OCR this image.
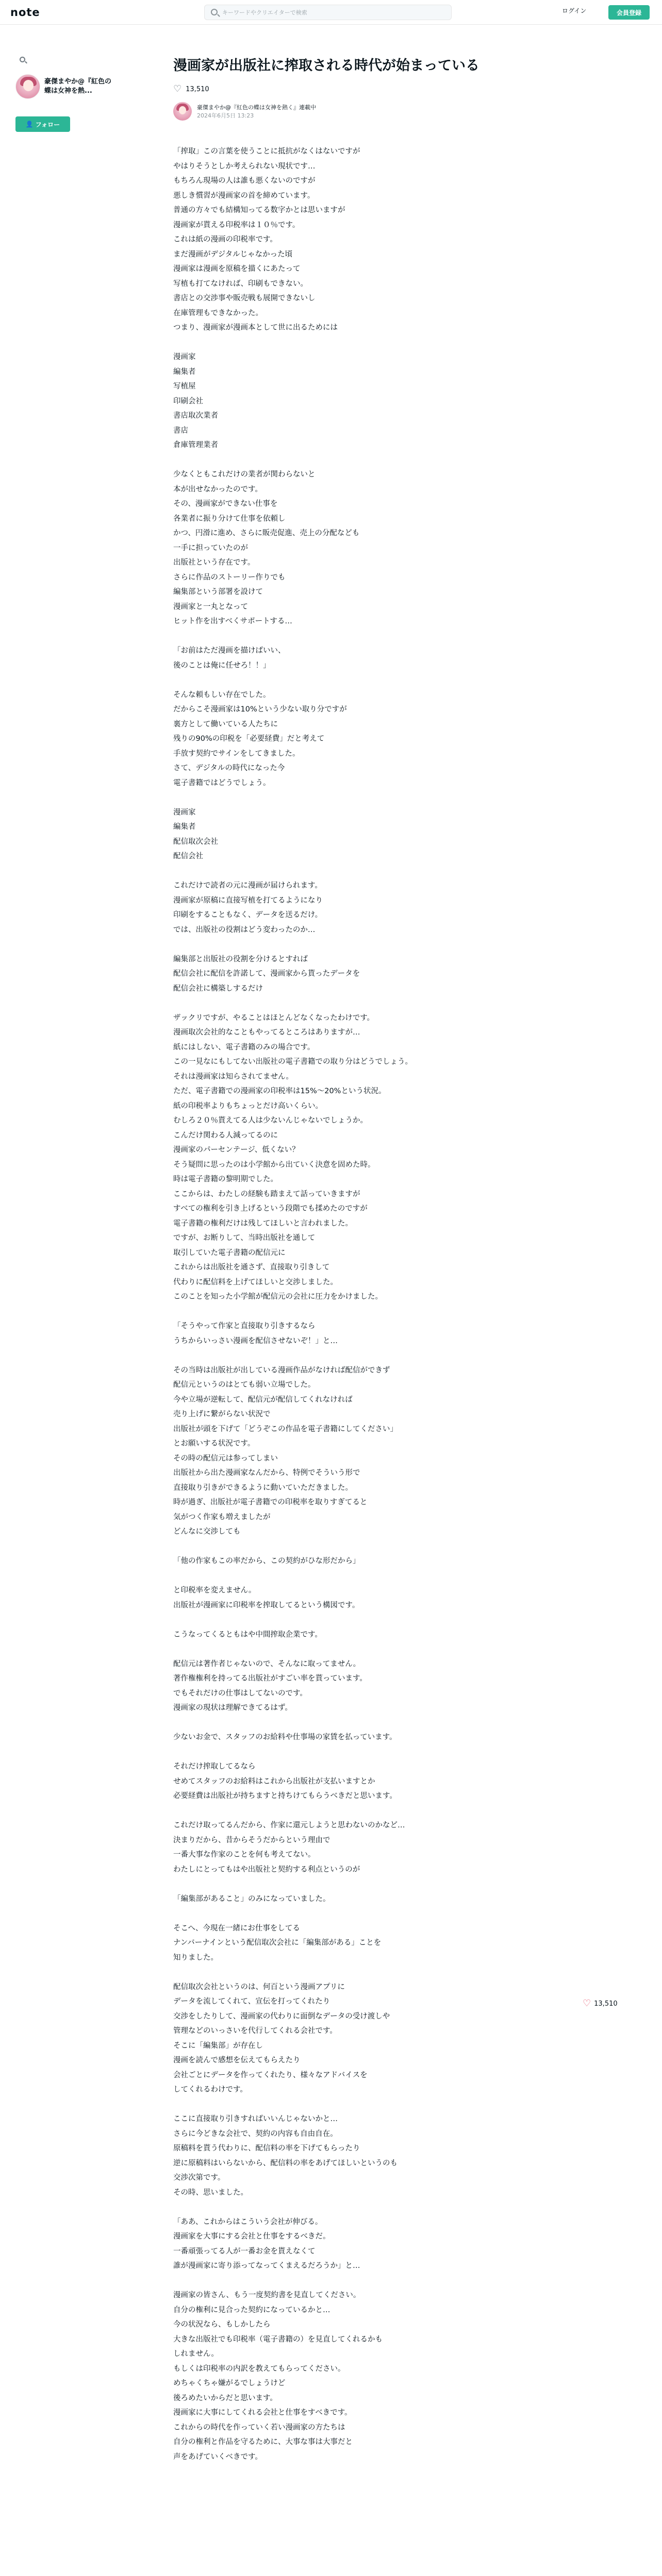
note
キーワードやクリエイターで検索	ログイン	会員登録
豪傑まやか@『紅色の蝶は女神を熱...
👤 フォロー
漫画家が出版社に搾取される時代が始まっている
♡ 13,510
豪傑まやか@『紅色の蝶は女神を熱く』連載中
2024年6月5日 13:23

「搾取」この言葉を使うことに抵抗がなくはないですが
やはりそうとしか考えられない現状です…
もちろん現場の人は誰も悪くないのですが
悪しき慣習が漫画家の首を締めています。
普通の方々でも結構知ってる数字かとは思いますが
漫画家が貰える印税率は１０％です。
これは紙の漫画の印税率です。
まだ漫画がデジタルじゃなかった頃
漫画家は漫画を原稿を描くにあたって
写植も打てなければ、印刷もできない。
書店との交渉事や販売戦も展開できないし
在庫管理もできなかった。
つまり、漫画家が漫画本として世に出るためには

漫画家
編集者
写植屋
印刷会社
書店取次業者
書店
倉庫管理業者

少なくともこれだけの業者が関わらないと
本が出せなかったのです。
その、漫画家ができない仕事を
各業者に振り分けて仕事を依頼し
かつ、円滑に進め、さらに販売促進、売上の分配なども
一手に担っていたのが
出版社という存在です。
さらに作品のストーリー作りでも
編集部という部署を設けて
漫画家と一丸となって
ヒット作を出すべくサポートする…

「お前はただ漫画を描けばいい、
後のことは俺に任せろ！！」

そんな頼もしい存在でした。
だからこそ漫画家は10%という少ない取り分ですが
裏方として働いている人たちに
残りの90%の印税を「必要経費」だと考えて
手放す契約でサインをしてきました。
さて、デジタルの時代になった今
電子書籍ではどうでしょう。

漫画家
編集者
配信取次会社
配信会社

これだけで読者の元に漫画が届けられます。
漫画家が原稿に直接写植を打てるようになり
印刷をすることもなく、データを送るだけ。
では、出版社の役割はどう変わったのか…

編集部と出版社の役割を分けるとすれば
配信会社に配信を許諾して、漫画家から貰ったデータを
配信会社に構築しするだけ

ザックリですが、やることはほとんどなくなったわけです。
漫画取次会社的なこともやってるところはありますが…
紙にはしない、電子書籍のみの場合です。
この一見なにもしてない出版社の電子書籍での取り分はどうでしょう。
それは漫画家は知らされてません。
ただ、電子書籍での漫画家の印税率は15%〜20%という状況。
紙の印税率よりもちょっとだけ高いくらい。
むしろ２０％貰えてる人は少ないんじゃないでしょうか。
こんだけ関わる人減ってるのに
漫画家のパーセンテージ、低くない？
そう疑問に思ったのは小学館から出ていく決意を固めた時。
時は電子書籍の黎明期でした。
ここからは、わたしの経験も踏まえて話っていきますが
すべての権利を引き上げるという段階でも揉めたのですが
電子書籍の権利だけは残してほしいと言われました。
ですが、お断りして、当時出版社を通して
取引していた電子書籍の配信元に
これからは出版社を通さず、直接取り引きして
代わりに配信料を上げてほしいと交渉しました。
このことを知った小学館が配信元の会社に圧力をかけました。

「そうやって作家と直接取り引きするなら
うちからいっさい漫画を配信させないぞ！」と…

その当時は出版社が出している漫画作品がなければ配信ができず
配信元というのはとても弱い立場でした。
今や立場が逆転して、配信元が配信してくれなければ
売り上げに繋がらない状況で
出版社が頭を下げて「どうぞこの作品を電子書籍にしてください」
とお願いする状況です。
その時の配信元は参ってしまい
出版社から出た漫画家なんだから、特例でそういう形で
直接取り引きができるように動いていただきました。
時が過ぎ、出版社が電子書籍での印税率を取りすぎてると
気がつく作家も増えましたが
どんなに交渉しても

「他の作家もこの率だから、この契約がひな形だから」

と印税率を変えません。
出版社が漫画家に印税率を搾取してるという構図です。

こうなってくるともはや中間搾取企業です。

配信元は著作者じゃないので、そんなに取ってません。
著作権権利を持ってる出版社がすごい率を貰っています。
でもそれだけの仕事はしてないのです。
漫画家の現状は理解できてるはず。

少ないお金で、スタッフのお給料や仕事場の家賃を払っています。

それだけ搾取してるなら
せめてスタッフのお給料はこれから出版社が支払いますとか
必要経費は出版社が持ちますと持ちけてもらうべきだと思います。

これだけ取ってるんだから、作家に還元しようと思わないのかなど…
決まりだから、昔からそうだからという理由で
一番大事な作家のことを何も考えてない。
わたしにとってもはや出版社と契約する利点というのが

「編集部があること」のみになっていました。

そこへ、今現在一緒にお仕事をしてる
ナンバーナインという配信取次会社に「編集部がある」ことを
知りました。

配信取次会社というのは、何百という漫画アプリに
データを流してくれて、宣伝を打ってくれたり
交渉をしたりして、漫画家の代わりに面倒なデータの受け渡しや
管理などのいっさいを代行してくれる会社です。
そこに「編集部」が存在し
漫画を読んで感想を伝えてもらえたり
会社ごとにデータを作ってくれたり、様々なアドバイスを
してくれるわけです。

ここに直接取り引きすればいいんじゃないかと…
さらに今どきな会社で、契約の内容も自由自在。
原稿料を貰う代わりに、配信料の率を下げてもらったり
逆に原稿料はいらないから、配信料の率をあげてほしいというのも
交渉次第です。
その時、思いました。

「ああ、これからはこういう会社が伸びる。
漫画家を大事にする会社と仕事をするべきだ。
一番頑張ってる人が一番お金を貰えなくて
誰が漫画家に寄り添ってなってくまえるだろうか」と…

漫画家の皆さん、もう一度契約書を見直してください。
自分の権利に見合った契約になっているかと…
今の状況なら、もしかしたら
大きな出版社でも印税率（電子書籍の）を見直してくれるかも
しれません。
もしくは印税率の内訳を教えてもらってください。
めちゃくちゃ嫌がるでしょうけど
後ろめたいからだと思います。
漫画家に大事にしてくれる会社と仕事をすべきです。
これからの時代を作っていく若い漫画家の方たちは
自分の権利と作品を守るために、大事な事は大事だと
声をあげていくべきです。

♡ 13,510
